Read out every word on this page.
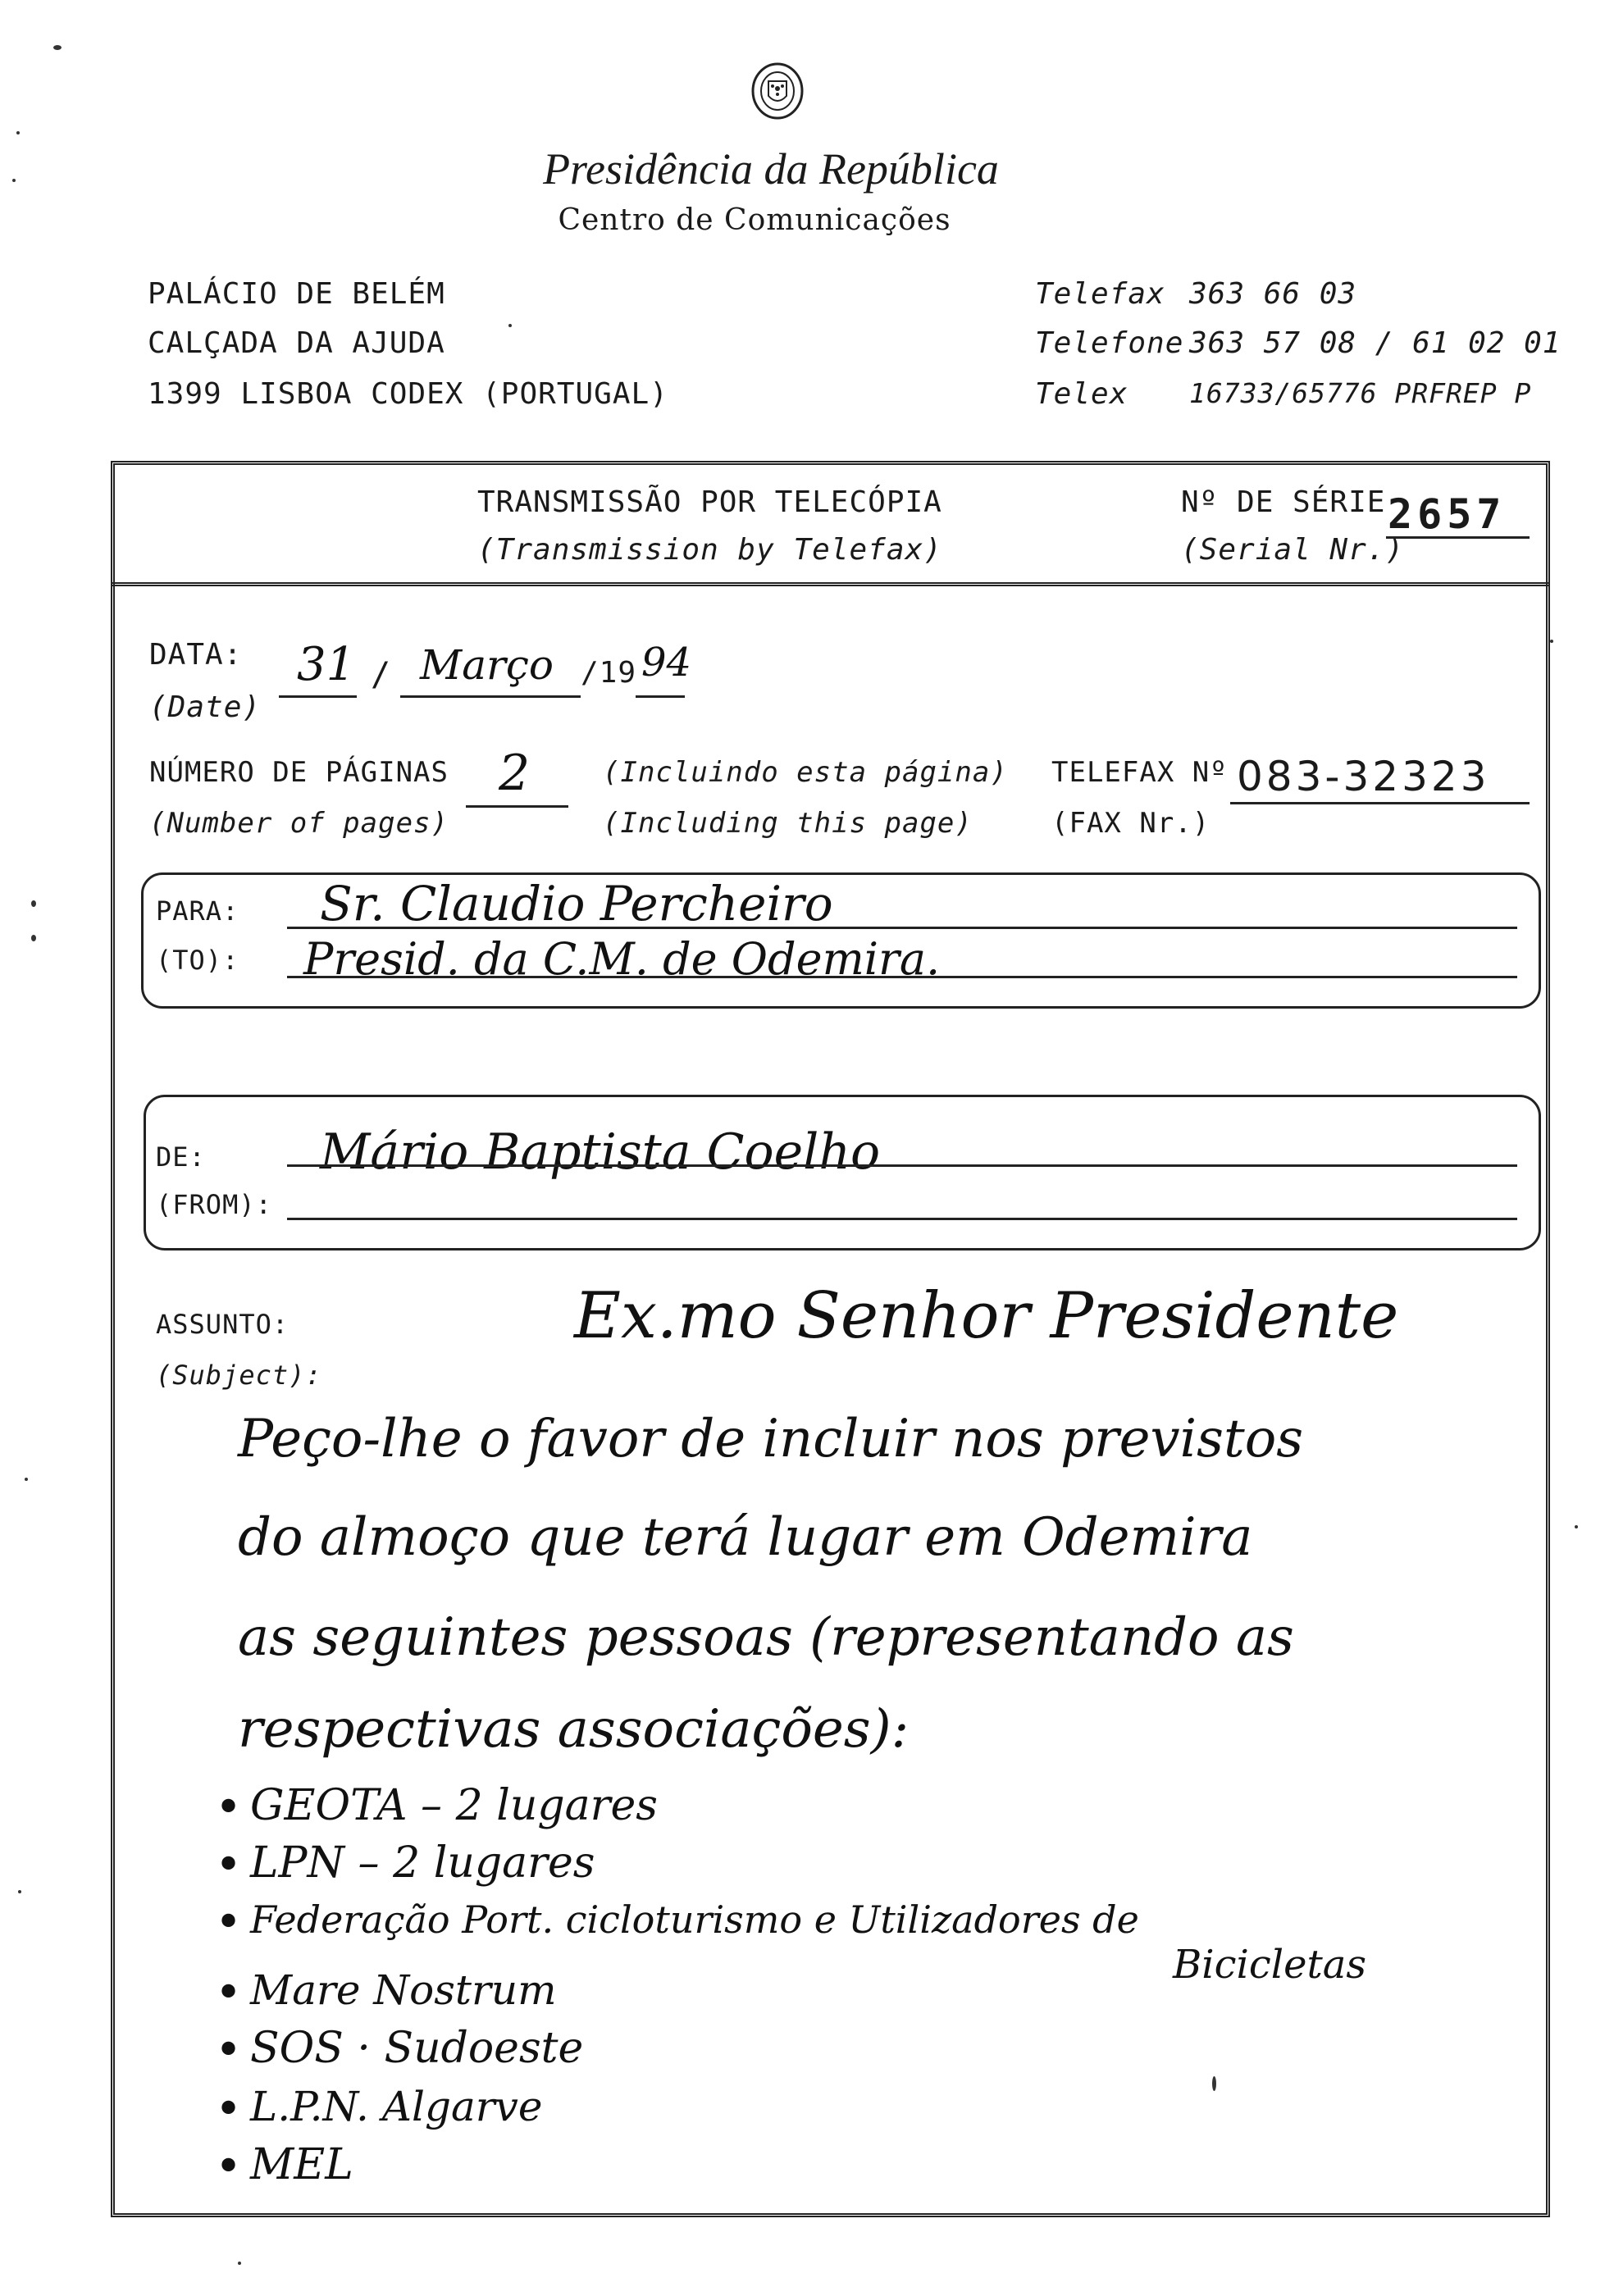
Presidência da República
Centro de Comunicações
PALÁCIO DE BELÉM
CALÇADA DA AJUDA
1399 LISBOA CODEX (PORTUGAL)
Telefax 363 66 03
Telefone 363 57 08 / 61 02 01
Telex 16733/65776 PRFREP P
TRANSMISSÃO POR TELECÓPIA
(Transmission by Telefax)
Nº DE SÉRIE
(Serial Nr.)
2657
DATA:
(Date)
31 / Março /19 94
NÚMERO DE PÁGINAS
(Number of pages)
2	(Incluindo esta página)
(Including this page)
TELEFAX Nº
(FAX Nr.)
083-32323
PARA:
(TO):
Sr. Claudio Percheiro
Presid. da C.M. de Odemira.
DE:
(FROM):
Mário Baptista Coelho
ASSUNTO:
(Subject):
Ex.mo Senhor Presidente
Peço-lhe o favor de incluir nos previstos
do almoço que terá lugar em Odemira
as seguintes pessoas (representando as
respectivas associações):
• GEOTA – 2 lugares
• LPN – 2 lugares
• Federação Port. cicloturismo e Utilizadores de
Bicicletas
• Mare Nostrum
• SOS · Sudoeste
• L.P.N. Algarve
• MEL
